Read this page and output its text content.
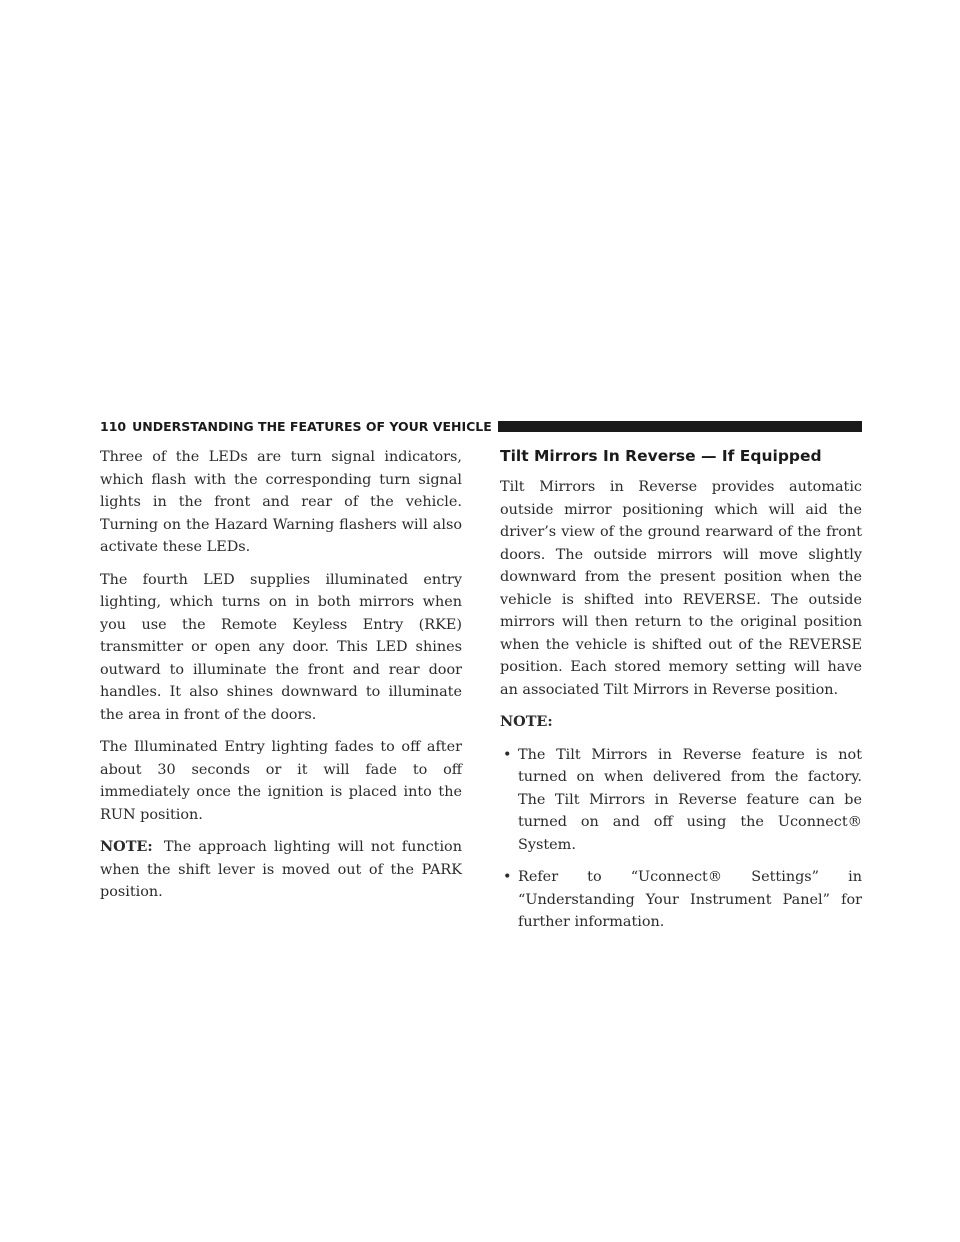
110 UNDERSTANDING THE FEATURES OF YOUR VEHICLE

Three of the LEDs are turn signal indicators, which flash with the corresponding turn signal lights in the front and rear of the vehicle. Turning on the Hazard Warning flashers will also activate these LEDs.

The fourth LED supplies illuminated entry lighting, which turns on in both mirrors when you use the Remote Keyless Entry (RKE) transmitter or open any door. This LED shines outward to illuminate the front and rear door handles. It also shines downward to illuminate the area in front of the doors.

The Illuminated Entry lighting fades to off after about 30 seconds or it will fade to off immediately once the ignition is placed into the RUN position.

NOTE: The approach lighting will not function when the shift lever is moved out of the PARK position.

Tilt Mirrors In Reverse — If Equipped

Tilt Mirrors in Reverse provides automatic outside mirror positioning which will aid the driver’s view of the ground rearward of the front doors. The outside mirrors will move slightly downward from the present position when the vehicle is shifted into REVERSE. The outside mirrors will then return to the original position when the vehicle is shifted out of the REVERSE position. Each stored memory setting will have an associated Tilt Mirrors in Reverse position.

NOTE:
• The Tilt Mirrors in Reverse feature is not turned on when delivered from the factory. The Tilt Mirrors in Reverse feature can be turned on and off using the Uconnect® System.
• Refer to “Uconnect® Settings” in “Understanding Your Instrument Panel” for further information.
